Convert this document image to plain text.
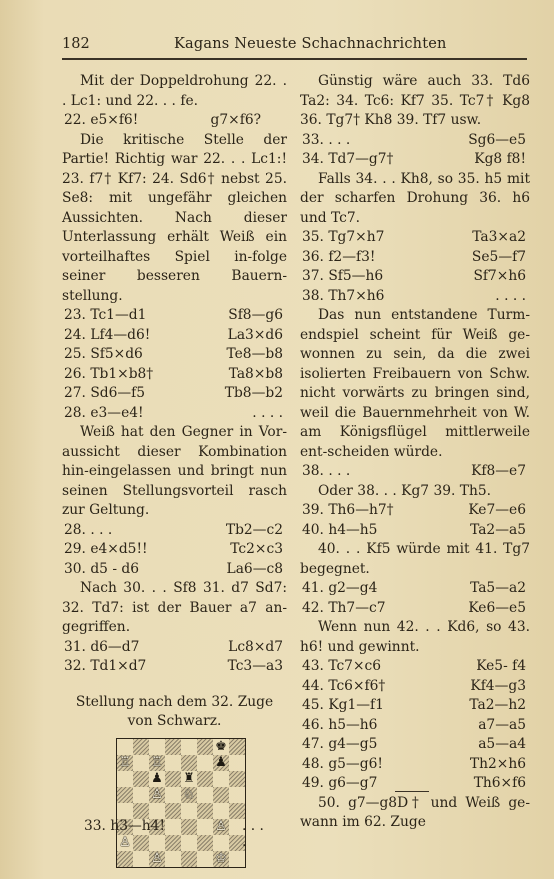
182	Kagans Neueste Schachnachrichten

Mit der Doppeldrohung 22. . . Lc1: und 22. . . fe.

22. e5×f6!	g7×f6?

Die kritische Stelle der Partie! Richtig war 22. . . Lc1:! 23. f7† Kf7: 24. Sd6† nebst 25. Se8: mit ungefähr gleichen Aussichten. Nach dieser Unterlassung erhält Weiß ein vorteilhaftes Spiel in-folge seiner besseren Bauern-stellung.

23. Tc1—d1	Sf8—g6
24. Lf4—d6!	La3×d6
25. Sf5×d6	Te8—b8
26. Tb1×b8†	Ta8×b8
27. Sd6—f5	Tb8—b2
28. e3—e4!	. . . .

Weiß hat den Gegner in Vor-aussicht dieser Kombination hin-eingelassen und bringt nun seinen Stellungsvorteil rasch zur Geltung.

28. . . .	Tb2—c2
29. e4×d5!!	Tc2×c3
30. d5 - d6	La6—c8

Nach 30. . . Sf8 31. d7 Sd7: 32. Td7: ist der Bauer a7 an-gegriffen.

31. d6—d7	Lc8×d7
32. Td1×d7	Tc3—a3

Stellung nach dem 32. Zuge von Schwarz.

♚
♖ ♖	♟
♟ ♜
♙ ♘
♙
♙
♙	♔

Günstig wäre auch 33. Td6 Ta2: 34. Tc6: Kf7 35. Tc7† Kg8 36. Tg7† Kh8 39. Tf7 usw.

33. . . .	Sg6—e5
34. Td7—g7†	Kg8 f8!

Falls 34. . . Kh8, so 35. h5 mit der scharfen Drohung 36. h6 und Tc7.

35. Tg7×h7	Ta3×a2
36. f2—f3!	Se5—f7
37. Sf5—h6	Sf7×h6
38. Th7×h6	. . . .

Das nun entstandene Turm-endspiel scheint für Weiß ge-wonnen zu sein, da die zwei isolierten Freibauern von Schw. nicht vorwärts zu bringen sind, weil die Bauernmehrheit von W. am Königsflügel mittlerweile ent-scheiden würde.

38. . . .	Kf8—e7

Oder 38. . . Kg7 39. Th5.

39. Th6—h7†	Ke7—e6
40. h4—h5	Ta2—a5

40. . . Kf5 würde mit 41. Tg7 begegnet.

41. g2—g4	Ta5—a2
42. Th7—c7	Ke6—e5

Wenn nun 42. . . Kd6, so 43. h6! und gewinnt.

43. Tc7×c6	Ke5- f4
44. Tc6×f6†	Kf4—g3
45. Kg1—f1	Ta2—h2
46. h5—h6	a7—a5
47. g4—g5	a5—a4
48. g5—g6!	Th2×h6
49. g6—g7	Th6×f6

50. g7—g8D† und Weiß ge-wann im 62. Zuge

33. h3—h4!	. . . .
